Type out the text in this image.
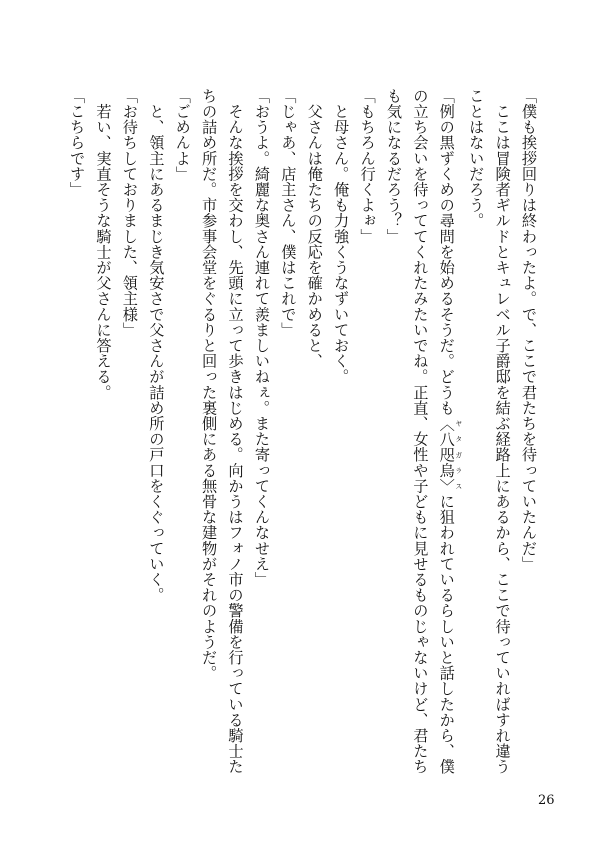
「僕も挨拶回りは終わったよ。で、ここで君たちを待っていたんだ」
　ここは冒険者ギルドとキュレベル子爵邸を結ぶ経路上にあるから、ここで待っていればすれ違うことはないだろう。
「例の黒ずくめの尋問を始めるそうだ。どうも〈八咫烏〉 ヤタガラスに狙われているらしいと話したから、僕の立ち会いを待っててくれたみたいでね。正直、女性や子どもに見せるものじゃないけど、君たちも気になるだろう？」
「もちろん行くよぉ」
　と母さん。俺も力強くうなずいておく。
　父さんは俺たちの反応を確かめると、
「じゃあ、店主さん、僕はこれで」
「おうよ。綺麗な奥さん連れて羨ましいねぇ。また寄ってくんなせえ」
　そんな挨拶を交わし、先頭に立って歩きはじめる。向かうはフォノ市の警備を行っている騎士たちの詰め所だ。市参事会堂をぐるりと回った裏側にある無骨な建物がそれのようだ。
「ごめんよ」
　と、領主にあるまじき気安さで父さんが詰め所の戸口をくぐっていく。
「お待ちしておりました、領主様」
　若い、実直そうな騎士が父さんに答える。
「こちらです」
26
